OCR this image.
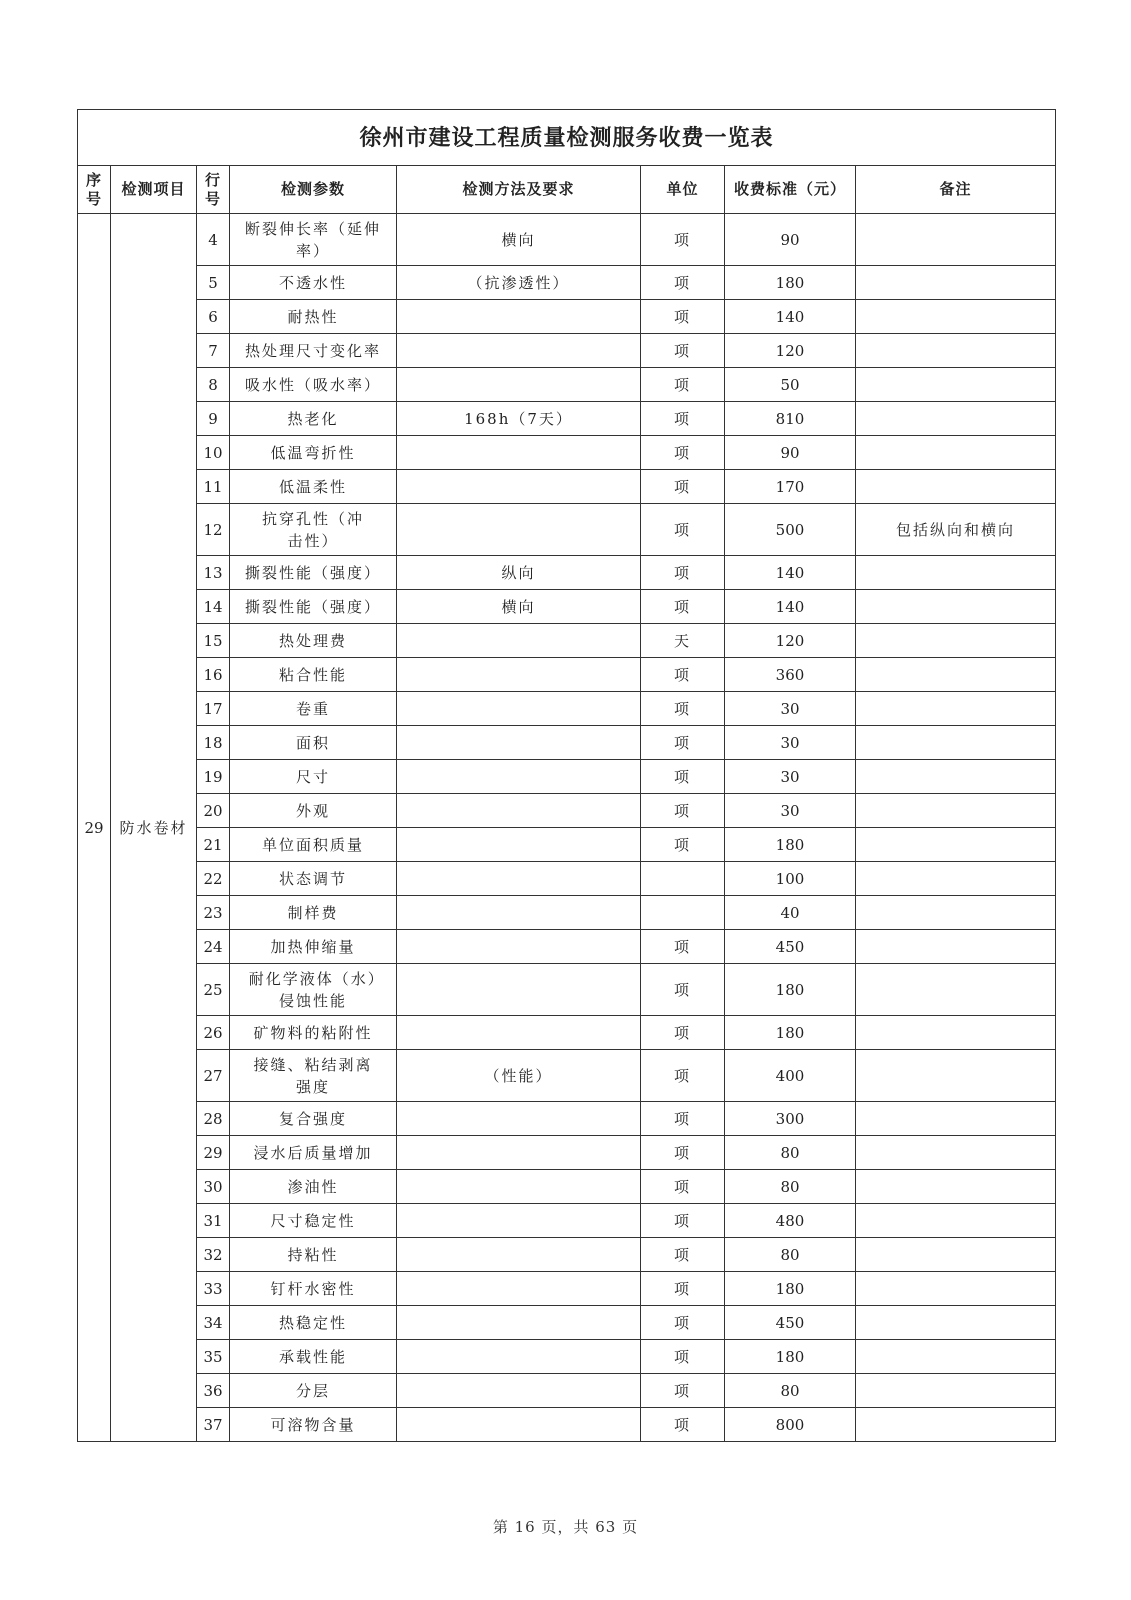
徐州市建设工程质量检测服务收费一览表							
序号	检测项目	行号	检测参数	检测方法及要求	单位	收费标准（元）	备注
29	防水卷材	4	断裂伸长率（延伸率）	横向	项	90	
		5	不透水性	（抗渗透性）	项	180	
		6	耐热性		项	140	
		7	热处理尺寸变化率		项	120	
		8	吸水性（吸水率）		项	50	
		9	热老化	168h（7天）	项	810	
		10	低温弯折性		项	90	
		11	低温柔性		项	170	
		12	抗穿孔性（冲击性）		项	500	包括纵向和横向
		13	撕裂性能（强度）	纵向	项	140	
		14	撕裂性能（强度）	横向	项	140	
		15	热处理费		天	120	
		16	粘合性能		项	360	
		17	卷重		项	30	
		18	面积		项	30	
		19	尺寸		项	30	
		20	外观		项	30	
		21	单位面积质量		项	180	
		22	状态调节			100	
		23	制样费			40	
		24	加热伸缩量		项	450	
		25	耐化学液体（水）侵蚀性能		项	180	
		26	矿物料的粘附性		项	180	
		27	接缝、粘结剥离强度	（性能）	项	400	
		28	复合强度		项	300	
		29	浸水后质量增加		项	80	
		30	渗油性		项	80	
		31	尺寸稳定性		项	480	
		32	持粘性		项	80	
		33	钉杆水密性		项	180	
		34	热稳定性		项	450	
		35	承载性能		项	180	
		36	分层		项	80	
		37	可溶物含量		项	800	
第 16 页，共 63 页
